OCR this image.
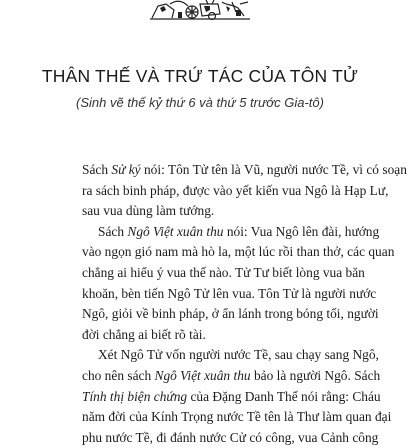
THÂN THẾ VÀ TRỨ TÁC CỦA TÔN TỬ
(Sinh vẽ thế kỷ thứ 6 và thứ 5 trước Gia-tô)

Sách Sử ký nói: Tôn Tử tên là Vũ, người nước Tề, vì có soạn
ra sách binh pháp, được vào yết kiến vua Ngô là Hạp Lư,
sau vua dùng làm tướng.

Sách Ngô Việt xuân thu nói: Vua Ngô lên đài, hướng
vào ngọn gió nam mà hò la, một lúc rồi than thở, các quan
chẳng ai hiểu ý vua thế nào. Tử Tư biết lòng vua băn
khoăn, bèn tiến Ngô Tử lên vua. Tôn Tử là người nước
Ngô, giỏi về binh pháp, ở ẩn lánh trong bóng tối, người
đời chẳng ai biết rõ tài.

Xét Ngô Tử vốn người nước Tề, sau chạy sang Ngô,
cho nên sách Ngô Việt xuân thu bảo là người Ngô. Sách
Tính thị biện chứng của Đặng Danh Thế nói rằng: Cháu
năm đời của Kính Trọng nước Tề tên là Thư làm quan đại
phu nước Tề, đi đánh nước Cử có công, vua Cảnh công
